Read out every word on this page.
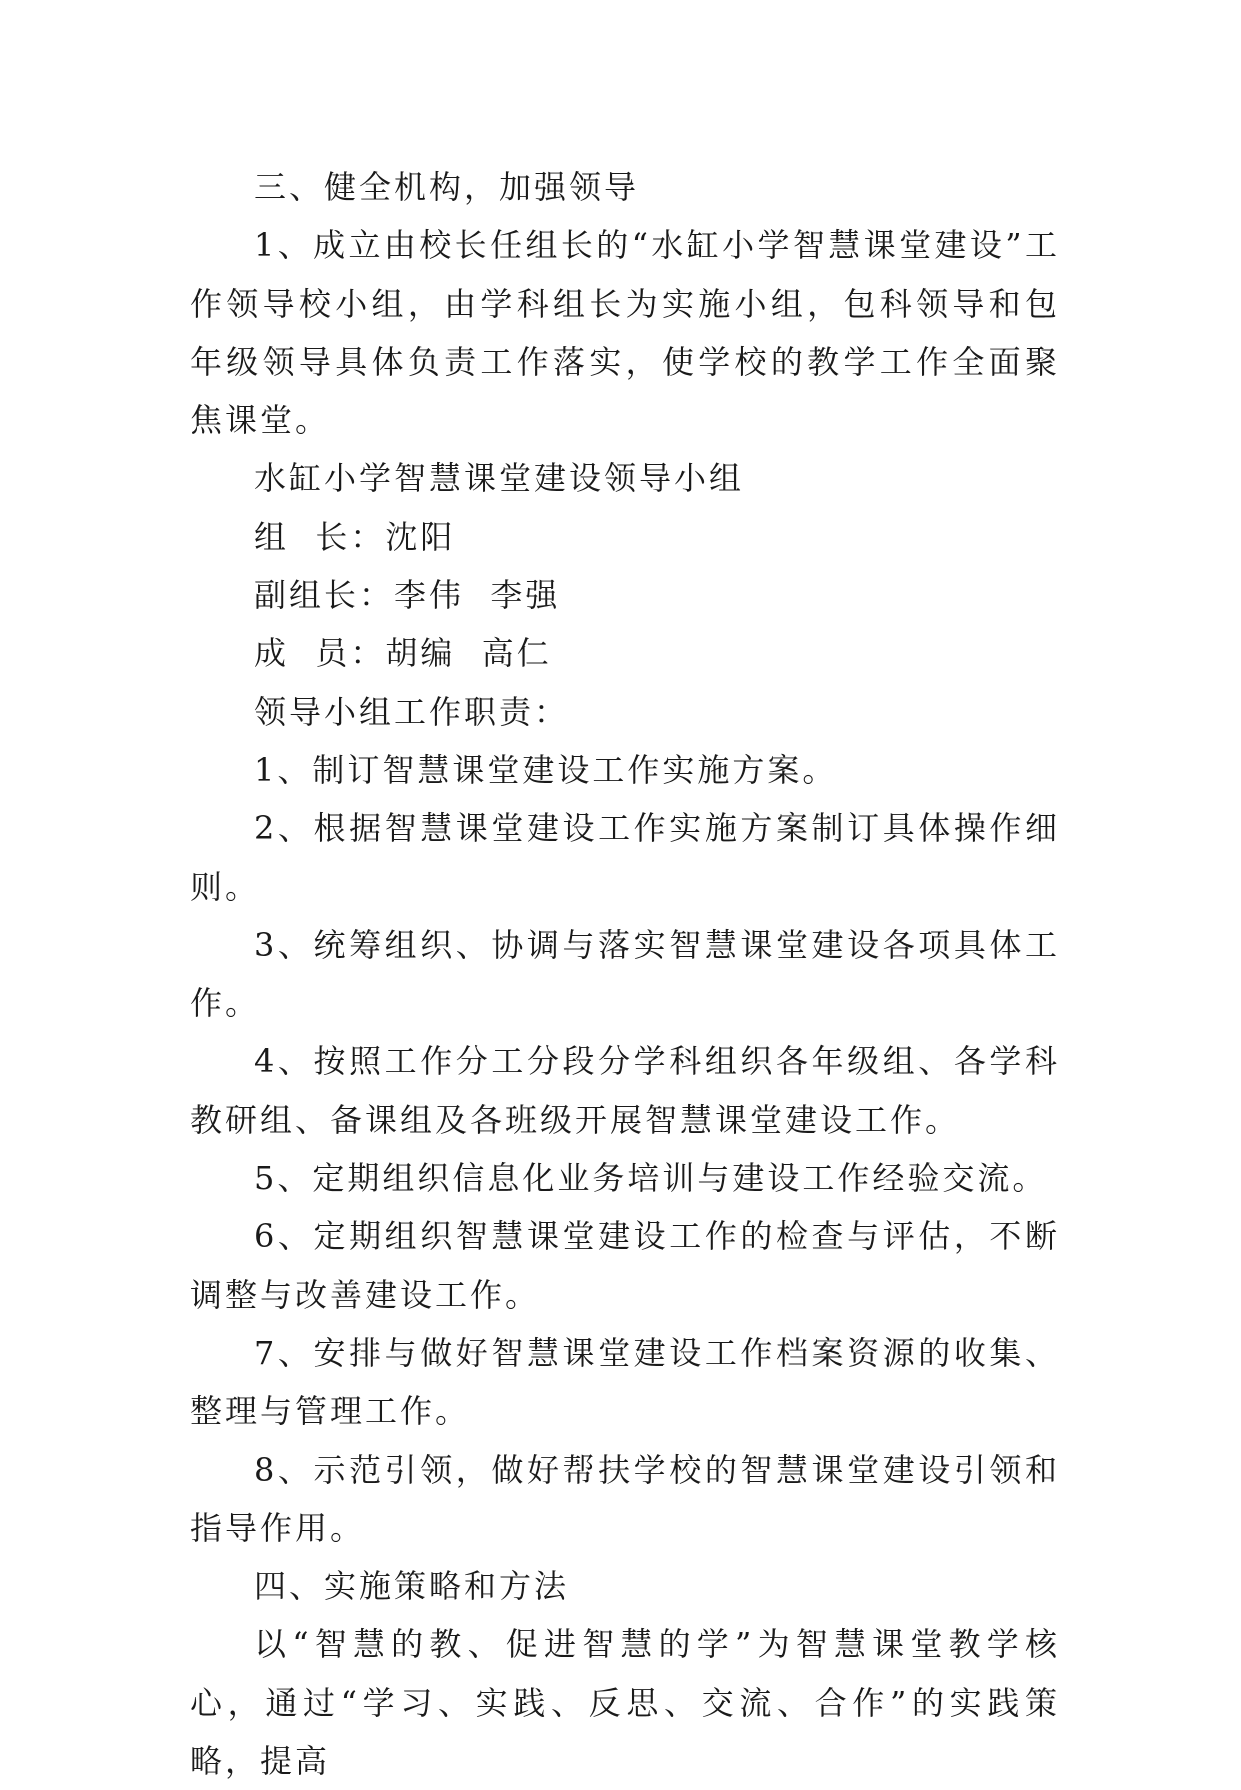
三、健全机构，加强领导

1、成立由校长任组长的“水缸小学智慧课堂建设”工作领导校小组，由学科组长为实施小组，包科领导和包年级领导具体负责工作落实，使学校的教学工作全面聚焦课堂。

水缸小学智慧课堂建设领导小组

组  长：沈阳

副组长：李伟  李强

成  员：胡编  高仁

领导小组工作职责：

1、制订智慧课堂建设工作实施方案。

2、根据智慧课堂建设工作实施方案制订具体操作细则。

3、统筹组织、协调与落实智慧课堂建设各项具体工作。

4、按照工作分工分段分学科组织各年级组、各学科教研组、备课组及各班级开展智慧课堂建设工作。

5、定期组织信息化业务培训与建设工作经验交流。

6、定期组织智慧课堂建设工作的检查与评估，不断调整与改善建设工作。

7、安排与做好智慧课堂建设工作档案资源的收集、整理与管理工作。

8、示范引领，做好帮扶学校的智慧课堂建设引领和指导作用。

四、实施策略和方法

以“智慧的教、促进智慧的学”为智慧课堂教学核心，通过“学习、实践、反思、交流、合作”的实践策略，提高
